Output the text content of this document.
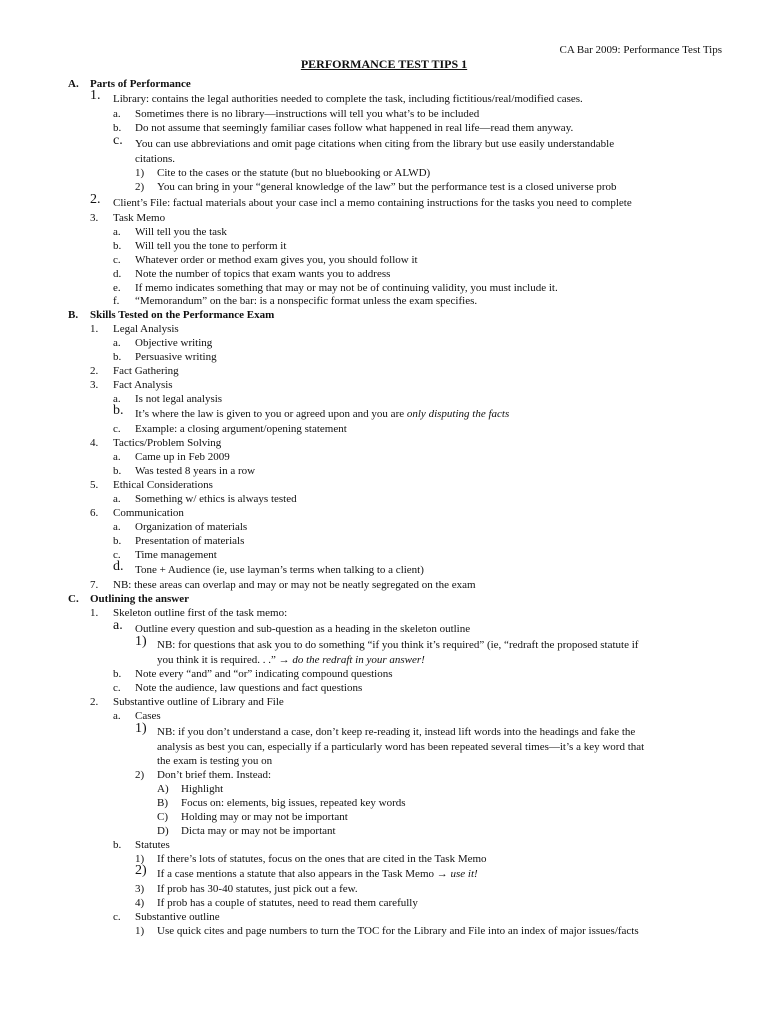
CA Bar 2009: Performance Test Tips
PERFORMANCE TEST TIPS 1
A. Parts of Performance
1. Library: contains the legal authorities needed to complete the task, including fictitious/real/modified cases.
a. Sometimes there is no library—instructions will tell you what’s to be included
b. Do not assume that seemingly familiar cases follow what happened in real life—read them anyway.
c. You can use abbreviations and omit page citations when citing from the library but use easily understandable
citations.
1) Cite to the cases or the statute (but no bluebooking or ALWD)
2) You can bring in your “general knowledge of the law” but the performance test is a closed universe prob
2. Client’s File: factual materials about your case incl a memo containing instructions for the tasks you need to complete
3. Task Memo
a. Will tell you the task
b. Will tell you the tone to perform it
c. Whatever order or method exam gives you, you should follow it
d. Note the number of topics that exam wants you to address
e. If memo indicates something that may or may not be of continuing validity, you must include it.
f. “Memorandum” on the bar: is a nonspecific format unless the exam specifies.
B. Skills Tested on the Performance Exam
1. Legal Analysis
a. Objective writing
b. Persuasive writing
2. Fact Gathering
3. Fact Analysis
a. Is not legal analysis
b. It’s where the law is given to you or agreed upon and you are only disputing the facts
c. Example: a closing argument/opening statement
4. Tactics/Problem Solving
a. Came up in Feb 2009
b. Was tested 8 years in a row
5. Ethical Considerations
a. Something w/ ethics is always tested
6. Communication
a. Organization of materials
b. Presentation of materials
c. Time management
d. Tone + Audience (ie, use layman’s terms when talking to a client)
7. NB: these areas can overlap and may or may not be neatly segregated on the exam
C. Outlining the answer
1. Skeleton outline first of the task memo:
a. Outline every question and sub-question as a heading in the skeleton outline
1) NB: for questions that ask you to do something “if you think it’s required” (ie, “redraft the proposed statute if
you think it is required. . .” → do the redraft in your answer!
b. Note every “and” and “or” indicating compound questions
c. Note the audience, law questions and fact questions
2. Substantive outline of Library and File
a. Cases
1) NB: if you don’t understand a case, don’t keep re-reading it, instead lift words into the headings and fake the
analysis as best you can, especially if a particularly word has been repeated several times—it’s a key word that
the exam is testing you on
2) Don’t brief them. Instead:
A) Highlight
B) Focus on: elements, big issues, repeated key words
C) Holding may or may not be important
D) Dicta may or may not be important
b. Statutes
1) If there’s lots of statutes, focus on the ones that are cited in the Task Memo
2) If a case mentions a statute that also appears in the Task Memo → use it!
3) If prob has 30-40 statutes, just pick out a few.
4) If prob has a couple of statutes, need to read them carefully
c. Substantive outline
1) Use quick cites and page numbers to turn the TOC for the Library and File into an index of major issues/facts
